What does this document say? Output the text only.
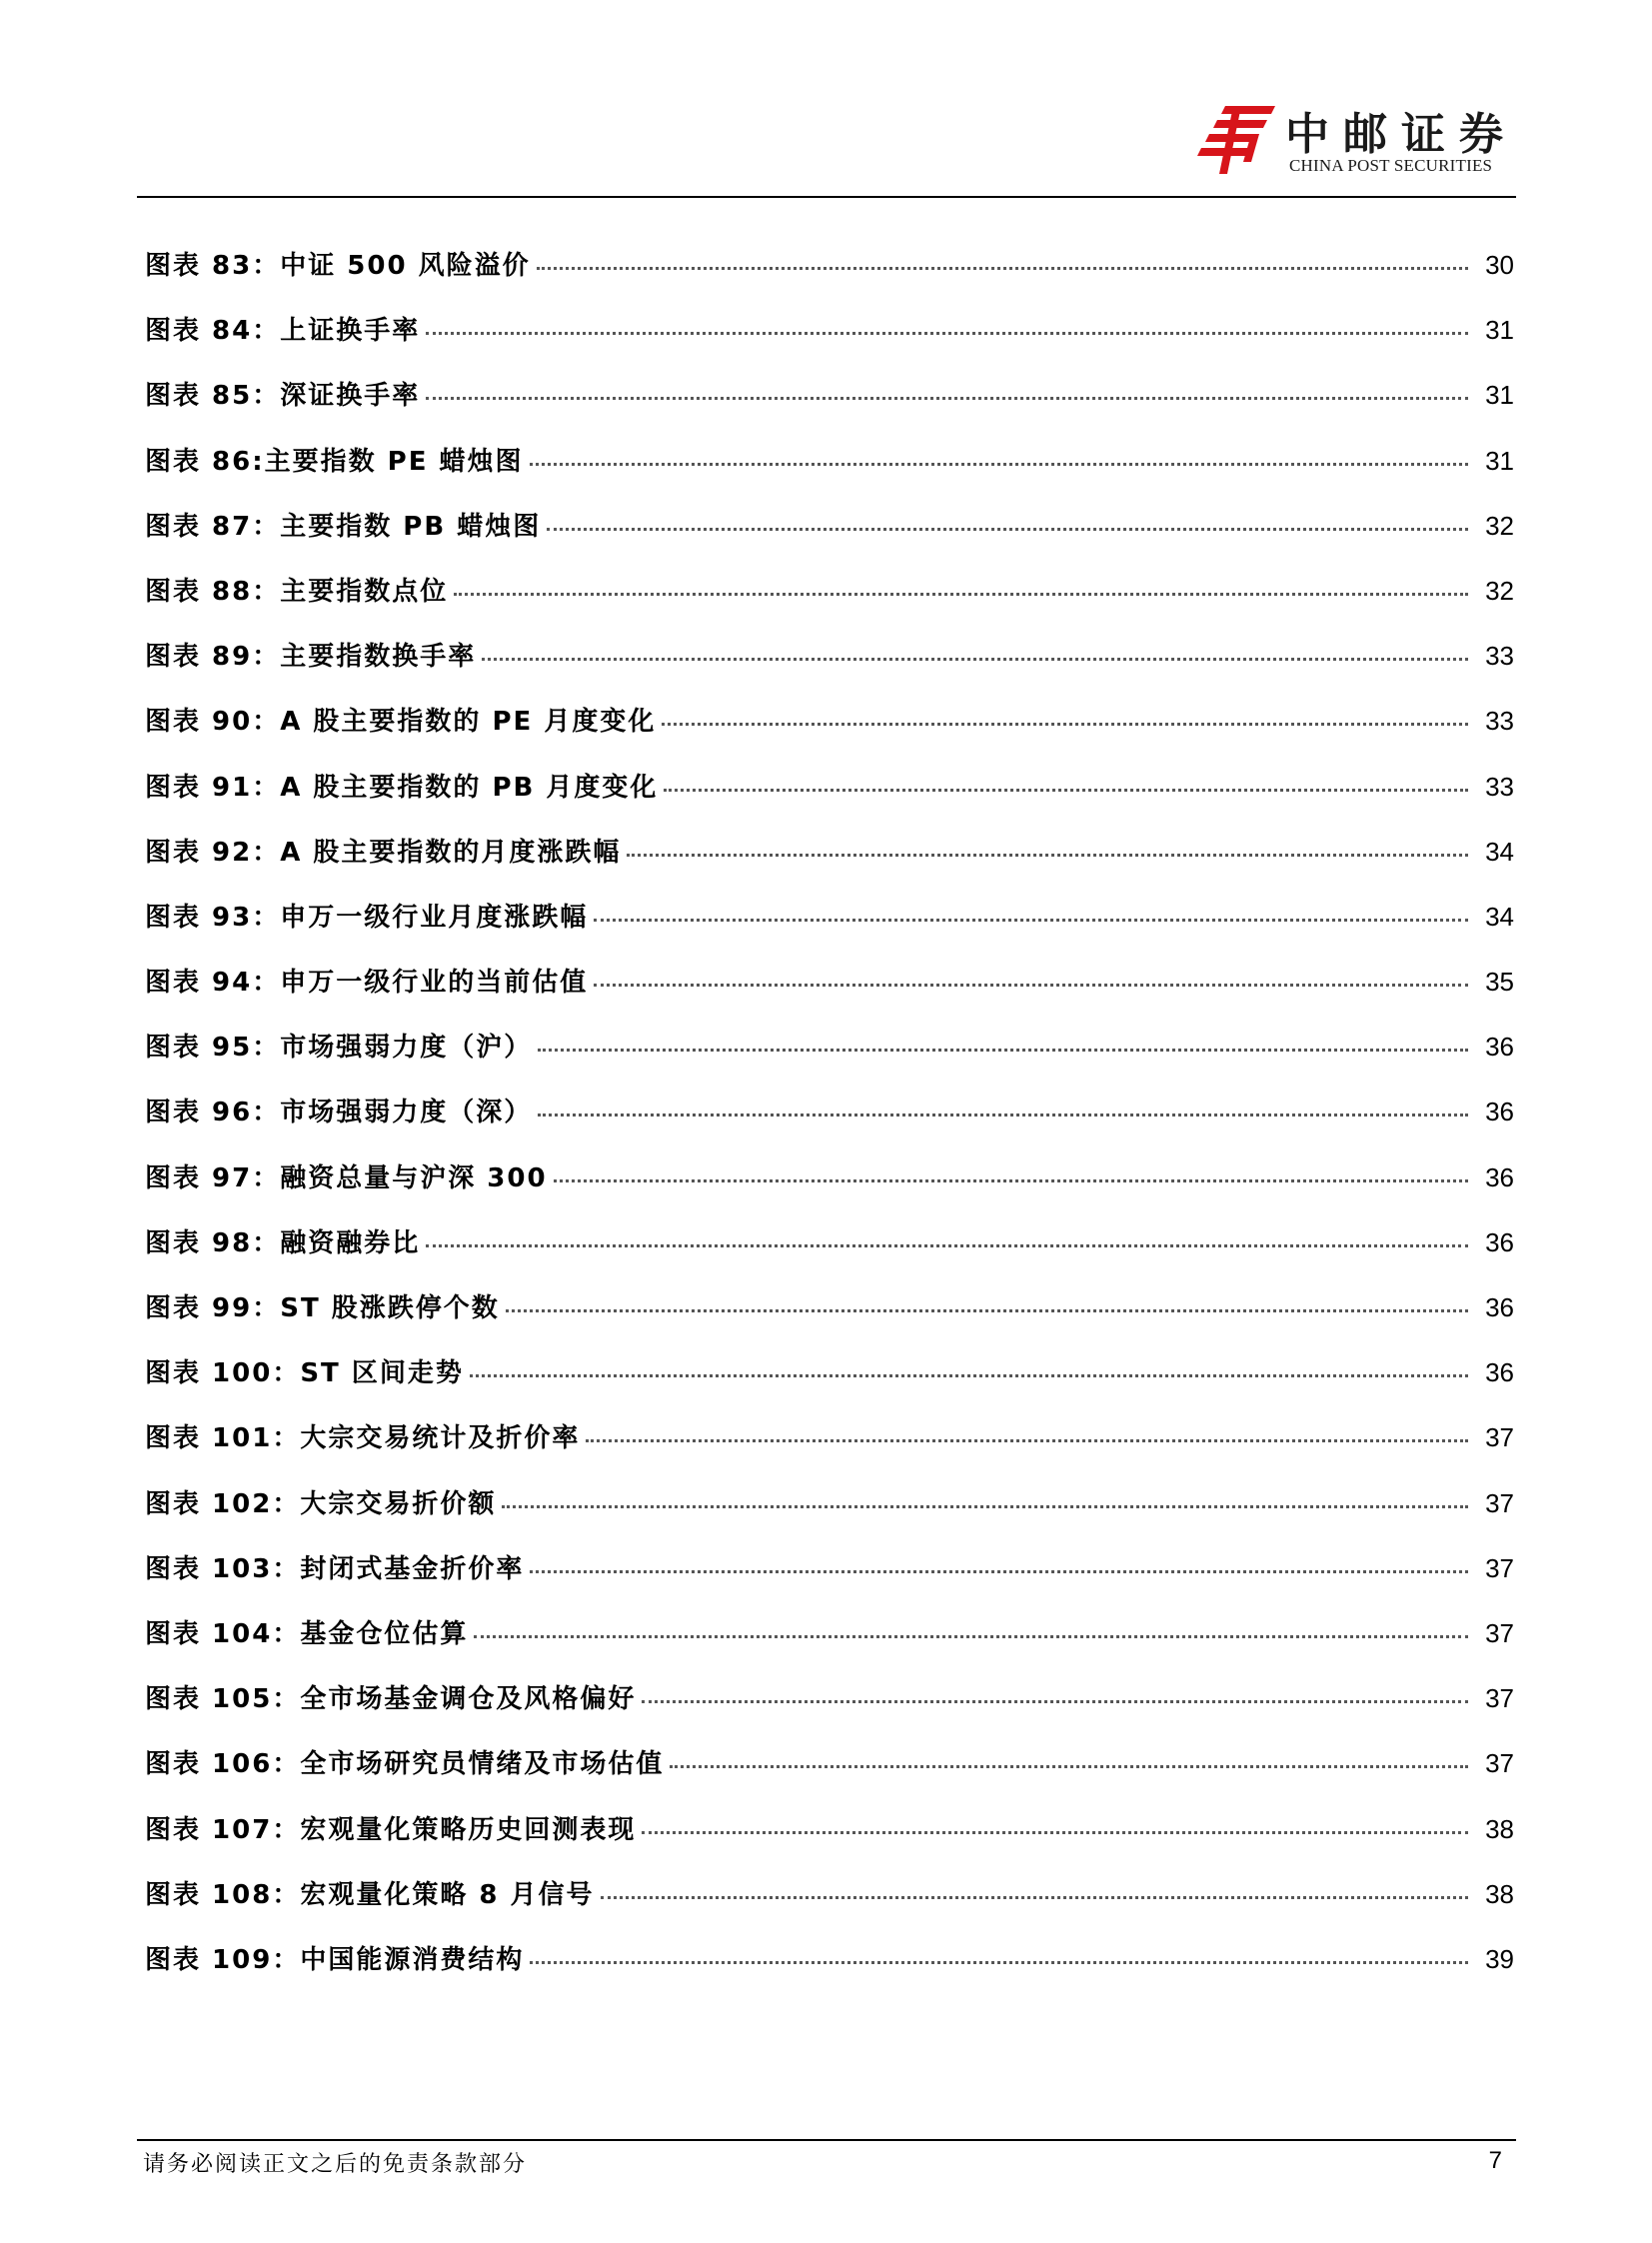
中邮证券
CHINA POST SECURITIES
图表 83：中证 500 风险溢价	30
图表 84：上证换手率	31
图表 85：深证换手率	31
图表 86:主要指数 PE 蜡烛图	31
图表 87：主要指数 PB 蜡烛图	32
图表 88：主要指数点位	32
图表 89：主要指数换手率	33
图表 90：A 股主要指数的 PE 月度变化	33
图表 91：A 股主要指数的 PB 月度变化	33
图表 92：A 股主要指数的月度涨跌幅	34
图表 93：申万一级行业月度涨跌幅	34
图表 94：申万一级行业的当前估值	35
图表 95：市场强弱力度（沪）	36
图表 96：市场强弱力度（深）	36
图表 97：融资总量与沪深 300	36
图表 98：融资融券比	36
图表 99：ST 股涨跌停个数	36
图表 100：ST 区间走势	36
图表 101：大宗交易统计及折价率	37
图表 102：大宗交易折价额	37
图表 103：封闭式基金折价率	37
图表 104：基金仓位估算	37
图表 105：全市场基金调仓及风格偏好	37
图表 106：全市场研究员情绪及市场估值	37
图表 107：宏观量化策略历史回测表现	38
图表 108：宏观量化策略 8 月信号	38
图表 109：中国能源消费结构	39
请务必阅读正文之后的免责条款部分	7
